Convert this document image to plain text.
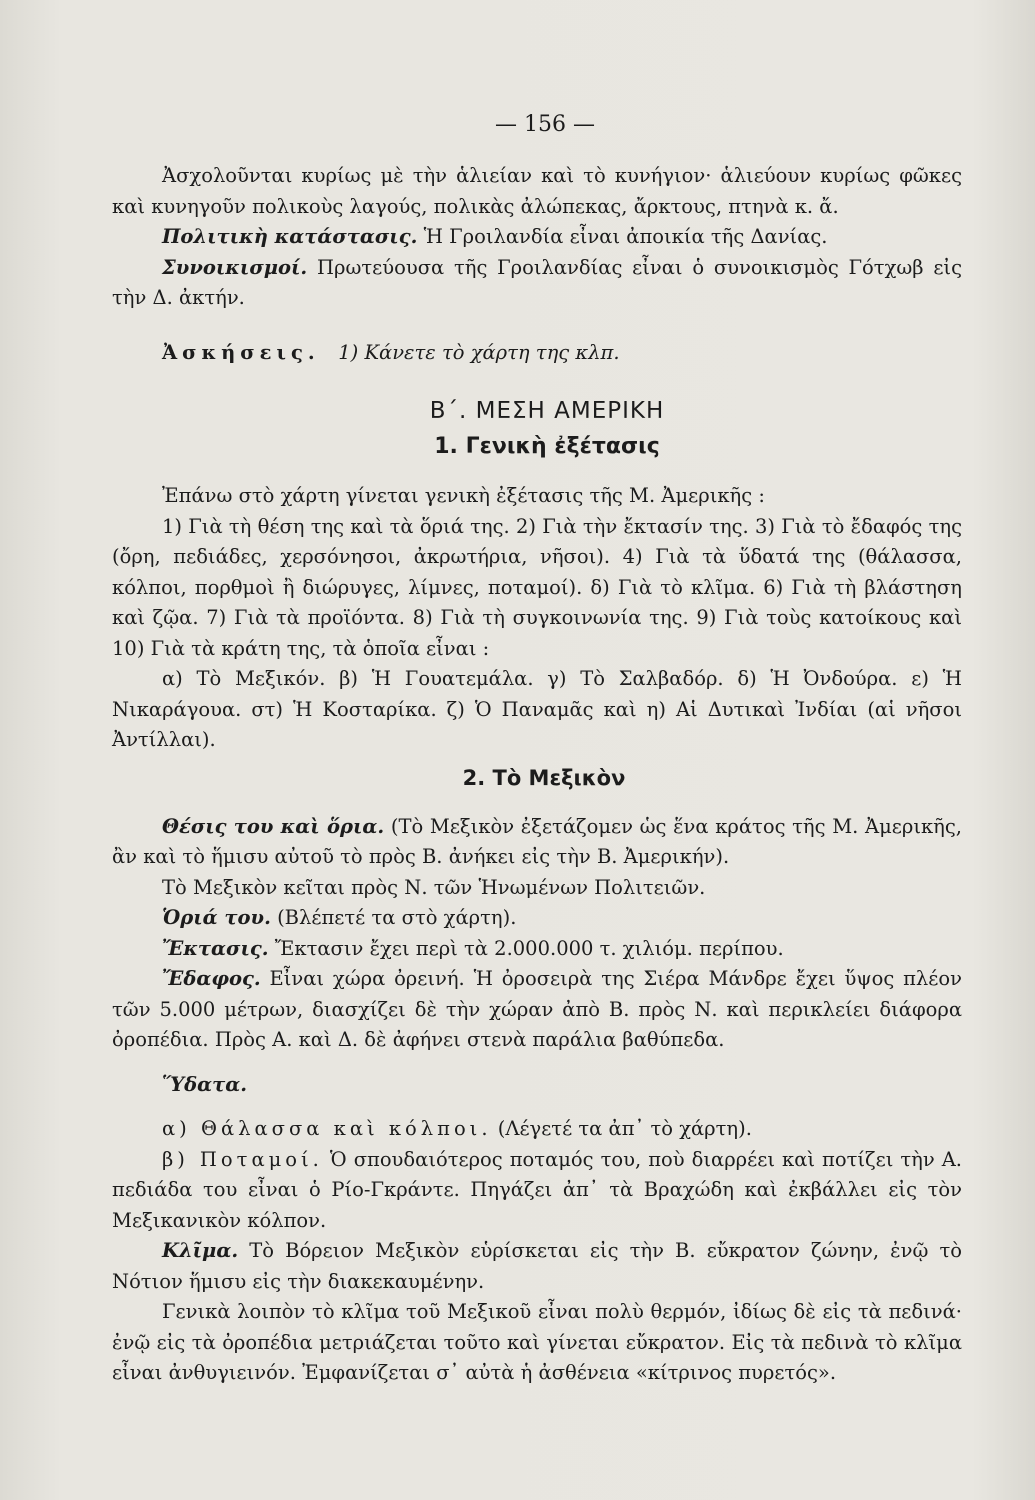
— 156 —

Ἀσχολοῦνται κυρίως μὲ τὴν ἁλιείαν καὶ τὸ κυνήγιον· ἁλιεύουν κυρίως φῶκες καὶ κυνηγοῦν πολικοὺς λαγούς, πολικὰς ἀλώπεκας, ἄρκτους, πτηνὰ κ. ἄ.

Πολιτικὴ κατάστασις. Ἡ Γροιλανδία εἶναι ἀποικία τῆς Δανίας.

Συνοικισμοί. Πρωτεύουσα τῆς Γροιλανδίας εἶναι ὁ συνοικισμὸς Γότχωβ εἰς τὴν Δ. ἀκτήν.

Ἀσκήσεις. 1) Κάνετε τὸ χάρτη της κλπ.

Β΄. ΜΕΣΗ ΑΜΕΡΙΚΗ
1. Γενικὴ ἐξέτασις

Ἐπάνω στὸ χάρτη γίνεται γενικὴ ἐξέτασις τῆς Μ. Ἀμερικῆς :

1) Γιὰ τὴ θέση της καὶ τὰ ὅριά της. 2) Γιὰ τὴν ἔκτασίν της. 3) Γιὰ τὸ ἔδαφός της (ὄρη, πεδιάδες, χερσόνησοι, ἀκρωτήρια, νῆσοι). 4) Γιὰ τὰ ὕδατά της (θάλασσα, κόλποι, πορθμοὶ ἢ διώρυγες, λίμνες, ποταμοί). δ) Γιὰ τὸ κλῖμα. 6) Γιὰ τὴ βλάστηση καὶ ζῷα. 7) Γιὰ τὰ προϊόντα. 8) Γιὰ τὴ συγκοινωνία της. 9) Γιὰ τοὺς κατοίκους καὶ 10) Γιὰ τὰ κράτη της, τὰ ὁποῖα εἶναι :

α) Τὸ Μεξικόν. β) Ἡ Γουατεμάλα. γ) Τὸ Σαλβαδόρ. δ) Ἡ Ὀνδούρα. ε) Ἡ Νικαράγουα. στ) Ἡ Κοσταρίκα. ζ) Ὁ Παναμᾶς καὶ η) Αἱ Δυτικαὶ Ἰνδίαι (αἱ νῆσοι Ἀντίλλαι).

2. Τὸ Μεξικὸν

Θέσις του καὶ ὅρια. (Τὸ Μεξικὸν ἐξετάζομεν ὡς ἕνα κράτος τῆς Μ. Ἀμερικῆς, ἂν καὶ τὸ ἥμισυ αὐτοῦ τὸ πρὸς Β. ἀνήκει εἰς τὴν Β. Ἀμερικήν).

Τὸ Μεξικὸν κεῖται πρὸς Ν. τῶν Ἡνωμένων Πολιτειῶν.

Ὁριά του. (Βλέπετέ τα στὸ χάρτη).

Ἔκτασις. Ἔκτασιν ἔχει περὶ τὰ 2.000.000 τ. χιλιόμ. περίπου.

Ἔδαφος. Εἶναι χώρα ὀρεινή. Ἡ ὀροσειρὰ της Σιέρα Μάνδρε ἔχει ὕψος πλέον τῶν 5.000 μέτρων, διασχίζει δὲ τὴν χώραν ἀπὸ Β. πρὸς Ν. καὶ περικλείει διάφορα ὀροπέδια. Πρὸς Α. καὶ Δ. δὲ ἀφήνει στενὰ παράλια βαθύπεδα.

Ὕδατα.

α) Θάλασσα καὶ κόλποι. (Λέγετέ τα ἀπ᾽ τὸ χάρτη).

β) Ποταμοί. Ὁ σπουδαιότερος ποταμός του, ποὺ διαρρέει καὶ ποτίζει τὴν Α. πεδιάδα του εἶναι ὁ Ρίο-Γκράντε. Πηγάζει ἀπ᾽ τὰ Βραχώδη καὶ ἐκβάλλει εἰς τὸν Μεξικανικὸν κόλπον.

Κλῖμα. Τὸ Βόρειον Μεξικὸν εὑρίσκεται εἰς τὴν Β. εὔκρατον ζώνην, ἐνῷ τὸ Νότιον ἥμισυ εἰς τὴν διακεκαυμένην.

Γενικὰ λοιπὸν τὸ κλῖμα τοῦ Μεξικοῦ εἶναι πολὺ θερμόν, ἰδίως δὲ εἰς τὰ πεδινά· ἐνῷ εἰς τὰ ὀροπέδια μετριάζεται τοῦτο καὶ γίνεται εὔκρατον. Εἰς τὰ πεδινὰ τὸ κλῖμα εἶναι ἀνθυγιεινόν. Ἐμφανίζεται σ᾽ αὐτὰ ἡ ἀσθένεια «κίτρινος πυρετός».
